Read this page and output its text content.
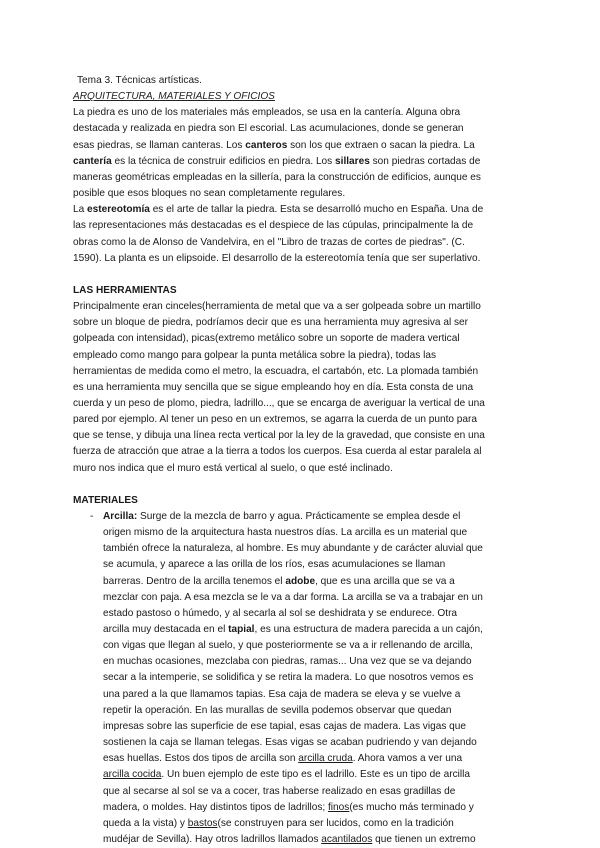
Tema 3. Técnicas artísticas.
ARQUITECTURA, MATERIALES Y OFICIOS
La piedra es uno de los materiales más empleados, se usa en la cantería. Alguna obra
destacada y realizada en piedra son El escorial. Las acumulaciones, donde se generan
esas piedras, se llaman canteras. Los canteros son los que extraen o sacan la piedra. La
cantería es la técnica de construir edificios en piedra. Los sillares son piedras cortadas de
maneras geométricas empleadas en la sillería, para la construcción de edificios, aunque es
posible que esos bloques no sean completamente regulares.
La estereotomía es el arte de tallar la piedra. Esta se desarrolló mucho en España. Una de
las representaciones más destacadas es el despiece de las cúpulas, principalmente la de
obras como la de Alonso de Vandelvira, en el "Libro de trazas de cortes de piedras". (C.
1590). La planta es un elipsoide. El desarrollo de la estereotomía tenía que ser superlativo.
LAS HERRAMIENTAS
Principalmente eran cinceles(herramienta de metal que va a ser golpeada sobre un martillo
sobre un bloque de piedra, podríamos decir que es una herramienta muy agresiva al ser
golpeada con intensidad), picas(extremo metálico sobre un soporte de madera vertical
empleado como mango para golpear la punta metálica sobre la piedra), todas las
herramientas de medida como el metro, la escuadra, el cartabón, etc. La plomada también
es una herramienta muy sencilla que se sigue empleando hoy en día. Esta consta de una
cuerda y un peso de plomo, piedra, ladrillo..., que se encarga de averiguar la vertical de una
pared por ejemplo. Al tener un peso en un extremos, se agarra la cuerda de un punto para
que se tense, y dibuja una línea recta vertical por la ley de la gravedad, que consiste en una
fuerza de atracción que atrae a la tierra a todos los cuerpos. Esa cuerda al estar paralela al
muro nos indica que el muro está vertical al suelo, o que esté inclinado.
MATERIALES
- Arcilla: Surge de la mezcla de barro y agua. Prácticamente se emplea desde el
origen mismo de la arquitectura hasta nuestros días. La arcilla es un material que
también ofrece la naturaleza, al hombre. Es muy abundante y de carácter aluvial que
se acumula, y aparece a las orilla de los ríos, esas acumulaciones se llaman
barreras. Dentro de la arcilla tenemos el adobe, que es una arcilla que se va a
mezclar con paja. A esa mezcla se le va a dar forma. La arcilla se va a trabajar en un
estado pastoso o húmedo, y al secarla al sol se deshidrata y se endurece. Otra
arcilla muy destacada en el tapial, es una estructura de madera parecida a un cajón,
con vigas que llegan al suelo, y que posteriormente se va a ir rellenando de arcilla,
en muchas ocasiones, mezclaba con piedras, ramas... Una vez que se va dejando
secar a la intemperie, se solidifica y se retira la madera. Lo que nosotros vemos es
una pared a la que llamamos tapias. Esa caja de madera se eleva y se vuelve a
repetir la operación. En las murallas de sevilla podemos observar que quedan
impresas sobre las superficie de ese tapial, esas cajas de madera. Las vigas que
sostienen la caja se llaman telegas. Esas vigas se acaban pudriendo y van dejando
esas huellas. Estos dos tipos de arcilla son arcilla cruda. Ahora vamos a ver una
arcilla cocida. Un buen ejemplo de este tipo es el ladrillo. Este es un tipo de arcilla
que al secarse al sol se va a cocer, tras haberse realizado en esas gradillas de
madera, o moldes. Hay distintos tipos de ladrillos; finos(es mucho más terminado y
queda a la vista) y bastos(se construyen para ser lucidos, como en la tradición
mudéjar de Sevilla). Hay otros ladrillos llamados acantilados que tienen un extremo
